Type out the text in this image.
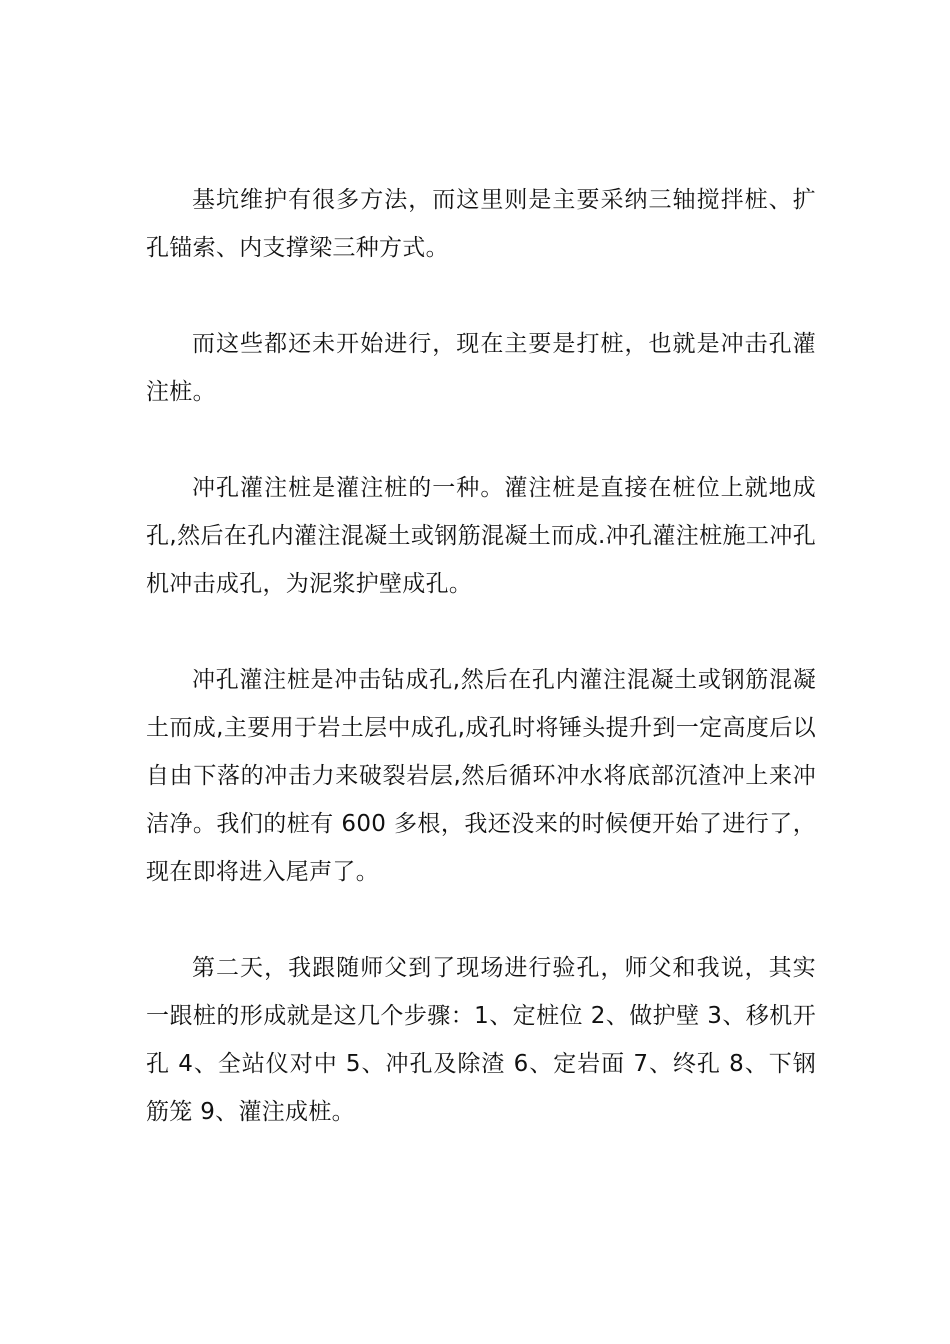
基坑维护有很多方法，而这里则是主要采纳三轴搅拌桩、扩孔锚索、内支撑梁三种方式。

而这些都还未开始进行，现在主要是打桩，也就是冲击孔灌注桩。

冲孔灌注桩是灌注桩的一种。灌注桩是直接在桩位上就地成孔,然后在孔内灌注混凝土或钢筋混凝土而成.冲孔灌注桩施工冲孔机冲击成孔，为泥浆护壁成孔。

冲孔灌注桩是冲击钻成孔,然后在孔内灌注混凝土或钢筋混凝土而成,主要用于岩土层中成孔,成孔时将锤头提升到一定高度后以自由下落的冲击力来破裂岩层,然后循环冲水将底部沉渣冲上来冲洁净。我们的桩有 600 多根，我还没来的时候便开始了进行了，现在即将进入尾声了。

第二天，我跟随师父到了现场进行验孔，师父和我说，其实一跟桩的形成就是这几个步骤：1、定桩位 2、做护壁 3、移机开孔 4、全站仪对中 5、冲孔及除渣 6、定岩面 7、终孔 8、下钢筋笼 9、灌注成桩。
